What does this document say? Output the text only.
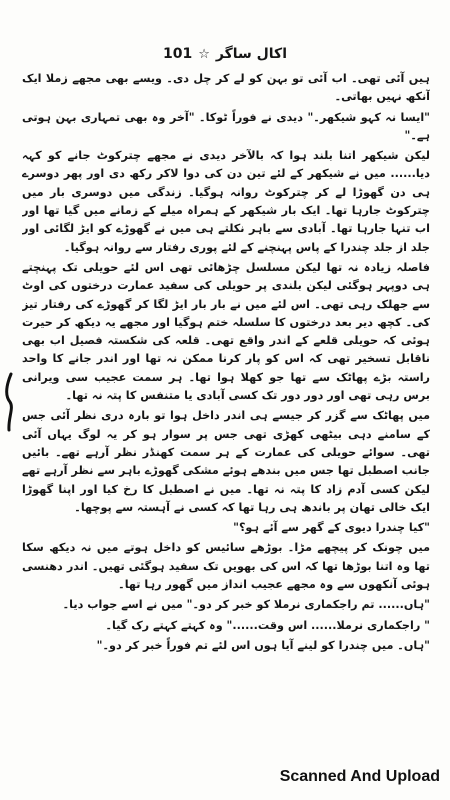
اکال ساگر
☆
101

ہیں آئی تھی۔ اب آئی تو بہن کو لے کر چل دی۔ ویسے بھی مجھے زملا ایک آنکھ نہیں بھاتی۔

"ایسا نہ کہو شیکھر۔" دیدی نے فوراً ٹوکا۔ "آخر وہ بھی تمہاری بہن ہوتی ہے۔"

لیکن شیکھر اتنا بلند ہوا کہ بالآخر دیدی نے مجھے چترکوٹ جانے کو کہہ دیا...... میں نے شیکھر کے لئے تین دن کی دوا لاکر رکھ دی اور پھر دوسرے ہی دن گھوڑا لے کر چترکوٹ روانہ ہوگیا۔ زندگی میں دوسری بار میں چترکوٹ جارہا تھا۔ ایک بار شیکھر کے ہمراہ میلے کے زمانے میں گیا تھا اور اب تنہا جارہا تھا۔ آبادی سے باہر نکلتے ہی میں نے گھوڑے کو ایڑ لگائی اور جلد از جلد چندرا کے پاس پہنچنے کے لئے پوری رفتار سے روانہ ہوگیا۔

فاصلہ زیادہ نہ تھا لیکن مسلسل چڑھائی تھی اس لئے حویلی تک پہنچتے ہی دوپہر ہوگئی لیکن بلندی پر حویلی کی سفید عمارت درختوں کی اوٹ سے جھلک رہی تھی۔ اس لئے میں نے بار بار ایڑ لگا کر گھوڑے کی رفتار تیز کی۔ کچھ دیر بعد درختوں کا سلسلہ ختم ہوگیا اور مجھے یہ دیکھ کر حیرت ہوئی کہ حویلی قلعے کے اندر واقع تھی۔ قلعہ کی شکستہ فصیل اب بھی ناقابل تسخیر تھی کہ اس کو پار کرنا ممکن نہ تھا اور اندر جانے کا واحد راستہ بڑے پھاٹک سے تھا جو کھلا ہوا تھا۔ ہر سمت عجیب سی ویرانی برس رہی تھی اور دور دور تک کسی آبادی یا متنفس کا پتہ نہ تھا۔

میں پھاٹک سے گزر کر جیسے ہی اندر داخل ہوا تو بارہ دری نظر آئی جس کے سامنے دہی بیٹھی کھڑی تھی جس پر سوار ہو کر یہ لوگ یہاں آئی تھی۔ سوائے حویلی کی عمارت کے ہر سمت کھنڈر نظر آرہے تھے۔ بائیں جانب اصطبل تھا جس میں بندھے ہوئے مشکی گھوڑے باہر سے نظر آرہے تھے لیکن کسی آدم زاد کا پتہ نہ تھا۔ میں نے اصطبل کا رخ کیا اور اپنا گھوڑا ایک خالی تھان پر باندھ ہی رہا تھا کہ کسی نے آہستہ سے پوچھا۔

"کیا چندرا دیوی کے گھر سے آئے ہو؟"

میں چونک کر پیچھے مڑا۔ بوڑھے سائیس کو داخل ہوتے میں نہ دیکھ سکا تھا وہ اتنا بوڑھا تھا کہ اس کی بھویں تک سفید ہوگئی تھیں۔ اندر دھنسی ہوئی آنکھوں سے وہ مجھے عجیب انداز میں گھور رہا تھا۔

"ہاں...... تم راجکماری نرملا کو خبر کر دو۔" میں نے اسے جواب دیا۔

" راجکماری نرملا...... اس وقت......" وہ کہتے کہتے رک گیا۔

"ہاں۔ میں چندرا کو لینے آیا ہوں اس لئے تم فوراً خبر کر دو۔"

Scanned And Upload
